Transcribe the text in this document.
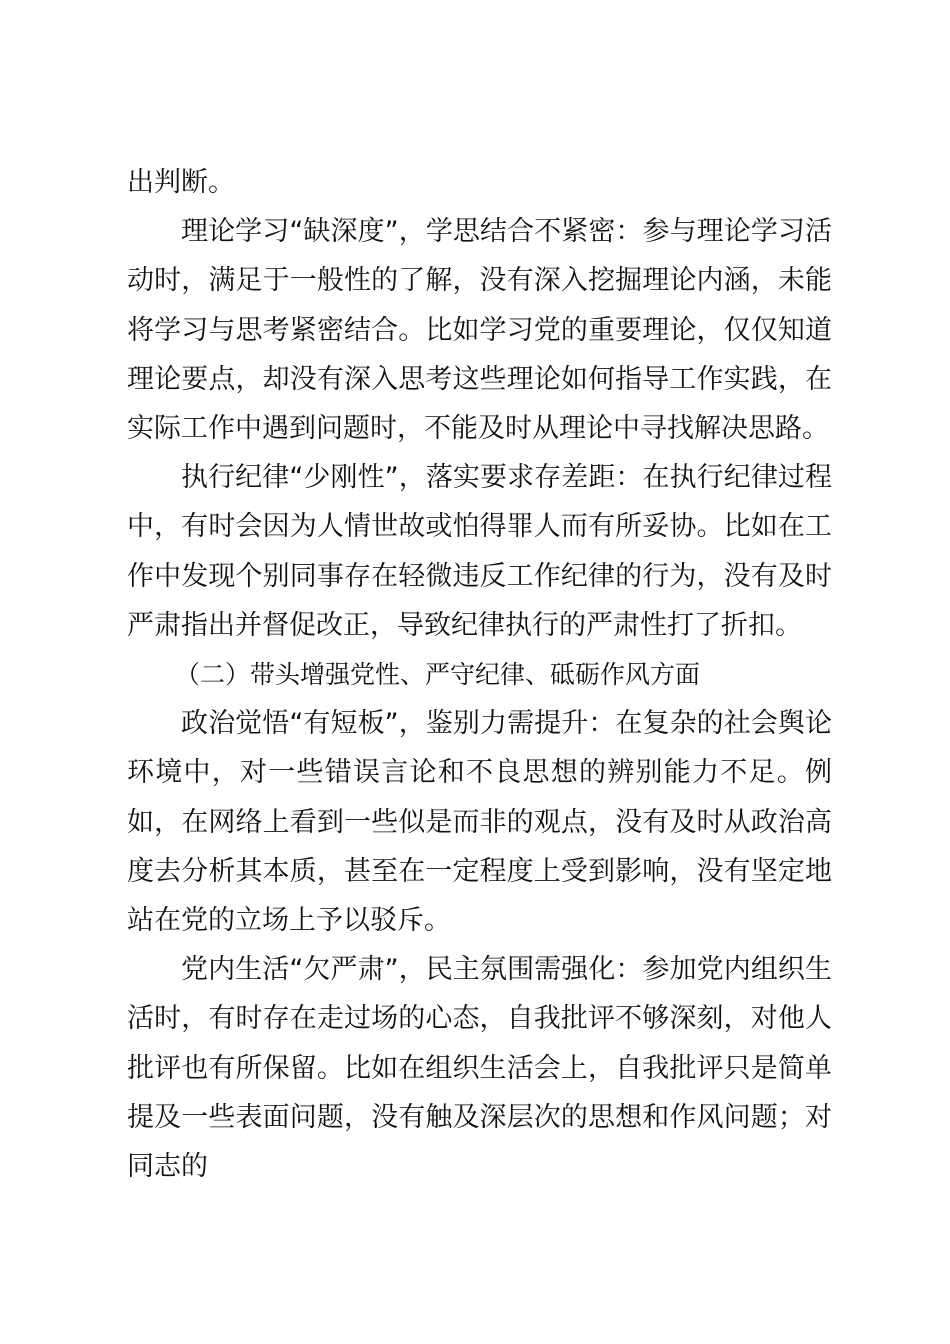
出判断。

理论学习“缺深度”，学思结合不紧密：参与理论学习活动时，满足于一般性的了解，没有深入挖掘理论内涵，未能将学习与思考紧密结合。比如学习党的重要理论，仅仅知道理论要点，却没有深入思考这些理论如何指导工作实践，在实际工作中遇到问题时，不能及时从理论中寻找解决思路。

执行纪律“少刚性”，落实要求存差距：在执行纪律过程中，有时会因为人情世故或怕得罪人而有所妥协。比如在工作中发现个别同事存在轻微违反工作纪律的行为，没有及时严肃指出并督促改正，导致纪律执行的严肃性打了折扣。

（二）带头增强党性、严守纪律、砥砺作风方面

政治觉悟“有短板”，鉴别力需提升：在复杂的社会舆论环境中，对一些错误言论和不良思想的辨别能力不足。例如，在网络上看到一些似是而非的观点，没有及时从政治高度去分析其本质，甚至在一定程度上受到影响，没有坚定地站在党的立场上予以驳斥。

党内生活“欠严肃”，民主氛围需强化：参加党内组织生活时，有时存在走过场的心态，自我批评不够深刻，对他人批评也有所保留。比如在组织生活会上，自我批评只是简单提及一些表面问题，没有触及深层次的思想和作风问题；对同志的
